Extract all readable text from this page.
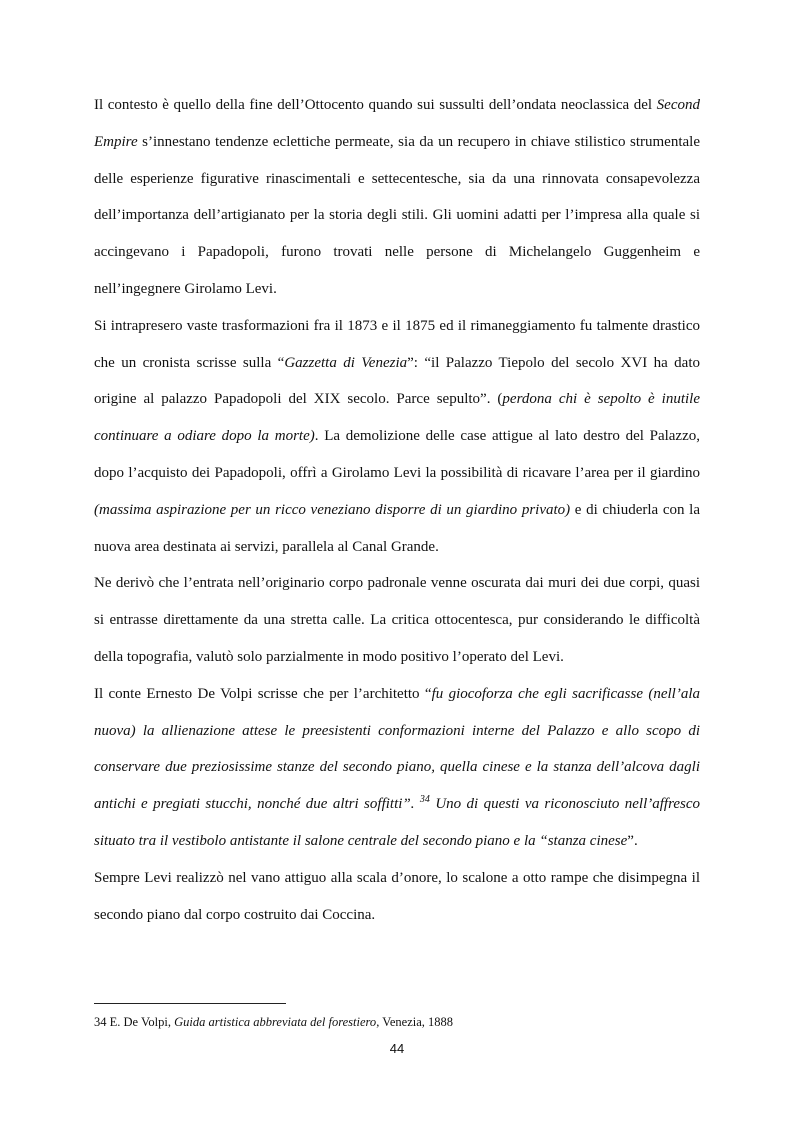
Il contesto è quello della fine dell’Ottocento quando sui sussulti dell’ondata neoclassica del Second Empire s’innestano tendenze eclettiche permeate, sia da un recupero in chiave stilistico strumentale delle esperienze figurative rinascimentali e settecentesche, sia da una rinnovata consapevolezza dell’importanza dell’artigianato per la storia degli stili. Gli uomini adatti per l’impresa alla quale si accingevano i Papadopoli, furono trovati nelle persone di Michelangelo Guggenheim e nell’ingegnere Girolamo Levi.

Si intrapresero vaste trasformazioni fra il 1873 e il 1875 ed il rimaneggiamento fu talmente drastico che un cronista scrisse sulla “Gazzetta di Venezia”: “il Palazzo Tiepolo del secolo XVI ha dato origine al palazzo Papadopoli del XIX secolo. Parce sepulto”. (perdona chi è sepolto è inutile continuare a odiare dopo la morte). La demolizione delle case attigue al lato destro del Palazzo, dopo l’acquisto dei Papadopoli, offrì a Girolamo Levi la possibilità di ricavare l’area per il giardino (massima aspirazione per un ricco veneziano disporre di un giardino privato) e di chiuderla con la nuova area destinata ai servizi, parallela al Canal Grande.

Ne derivò che l’entrata nell’originario corpo padronale venne oscurata dai muri dei due corpi, quasi si entrasse direttamente da una stretta calle. La critica ottocentesca, pur considerando le difficoltà della topografia, valutò solo parzialmente in modo positivo l’operato del Levi.

Il conte Ernesto De Volpi scrisse che per l’architetto “fu giocoforza che egli sacrificasse (nell’ala nuova) la allienazione attese le preesistenti conformazioni interne del Palazzo e allo scopo di conservare due preziosissime stanze del secondo piano, quella cinese e la stanza dell’alcova dagli antichi e pregiati stucchi, nonché due altri soffitti”. $^{34}$ Uno di questi va riconosciuto nell’affresco situato tra il vestibolo antistante il salone centrale del secondo piano e la “stanza cinese”.

Sempre Levi realizzò nel vano attiguo alla scala d’onore, lo scalone a otto rampe che disimpegna il secondo piano dal corpo costruito dai Coccina.

34 E. De Volpi, Guida artistica abbreviata del forestiero, Venezia, 1888
44
